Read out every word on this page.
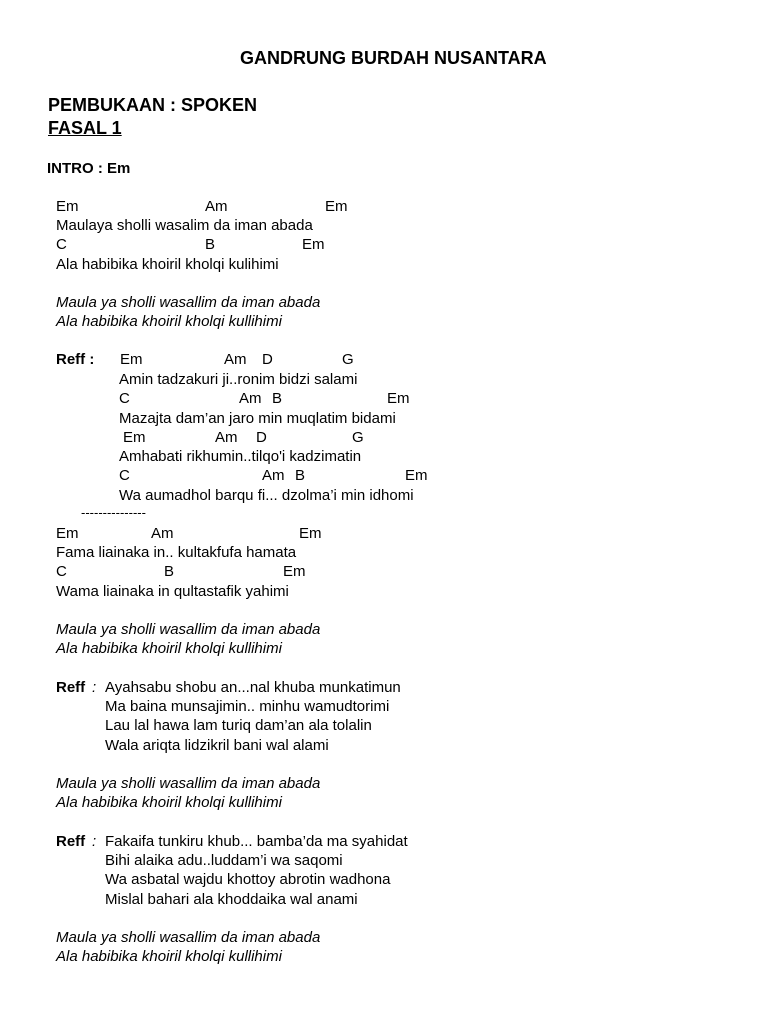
GANDRUNG BURDAH NUSANTARA
PEMBUKAAN : SPOKEN
FASAL 1
INTRO : Em
Em	Am	Em
Maulaya sholli wasalim da iman abada
C	B	Em
Ala habibika khoiril kholqi kulihimi
Maula ya sholli wasallim da iman abada
Ala habibika khoiril kholqi kullihimi
Reff : Em	Am D	G
Amin tadzakuri ji..ronim bidzi salami
C	Am B	Em
Mazajta dam’an jaro min muqlatim bidami
Em	Am D	G
Amhabati rikhumin..tilqo'i kadzimatin
C	Am B	Em
Wa aumadhol barqu fi... dzolma’i min idhomi
---------------
Em	Am	Em
Fama liainaka in.. kultakfufa hamata
C	B	Em
Wama liainaka in qultastafik yahimi
Maula ya sholli wasallim da iman abada
Ala habibika khoiril kholqi kullihimi
Reff : Ayahsabu shobu an...nal khuba munkatimun
Ma baina munsajimin.. minhu wamudtorimi
Lau lal hawa lam turiq dam’an ala tolalin
Wala ariqta lidzikril bani wal alami
Maula ya sholli wasallim da iman abada
Ala habibika khoiril kholqi kullihimi
Reff : Fakaifa tunkiru khub... bamba’da ma syahidat
Bihi alaika adu..luddam’i wa saqomi
Wa asbatal wajdu khottoy abrotin wadhona
Mislal bahari ala khoddaika wal anami
Maula ya sholli wasallim da iman abada
Ala habibika khoiril kholqi kullihimi
